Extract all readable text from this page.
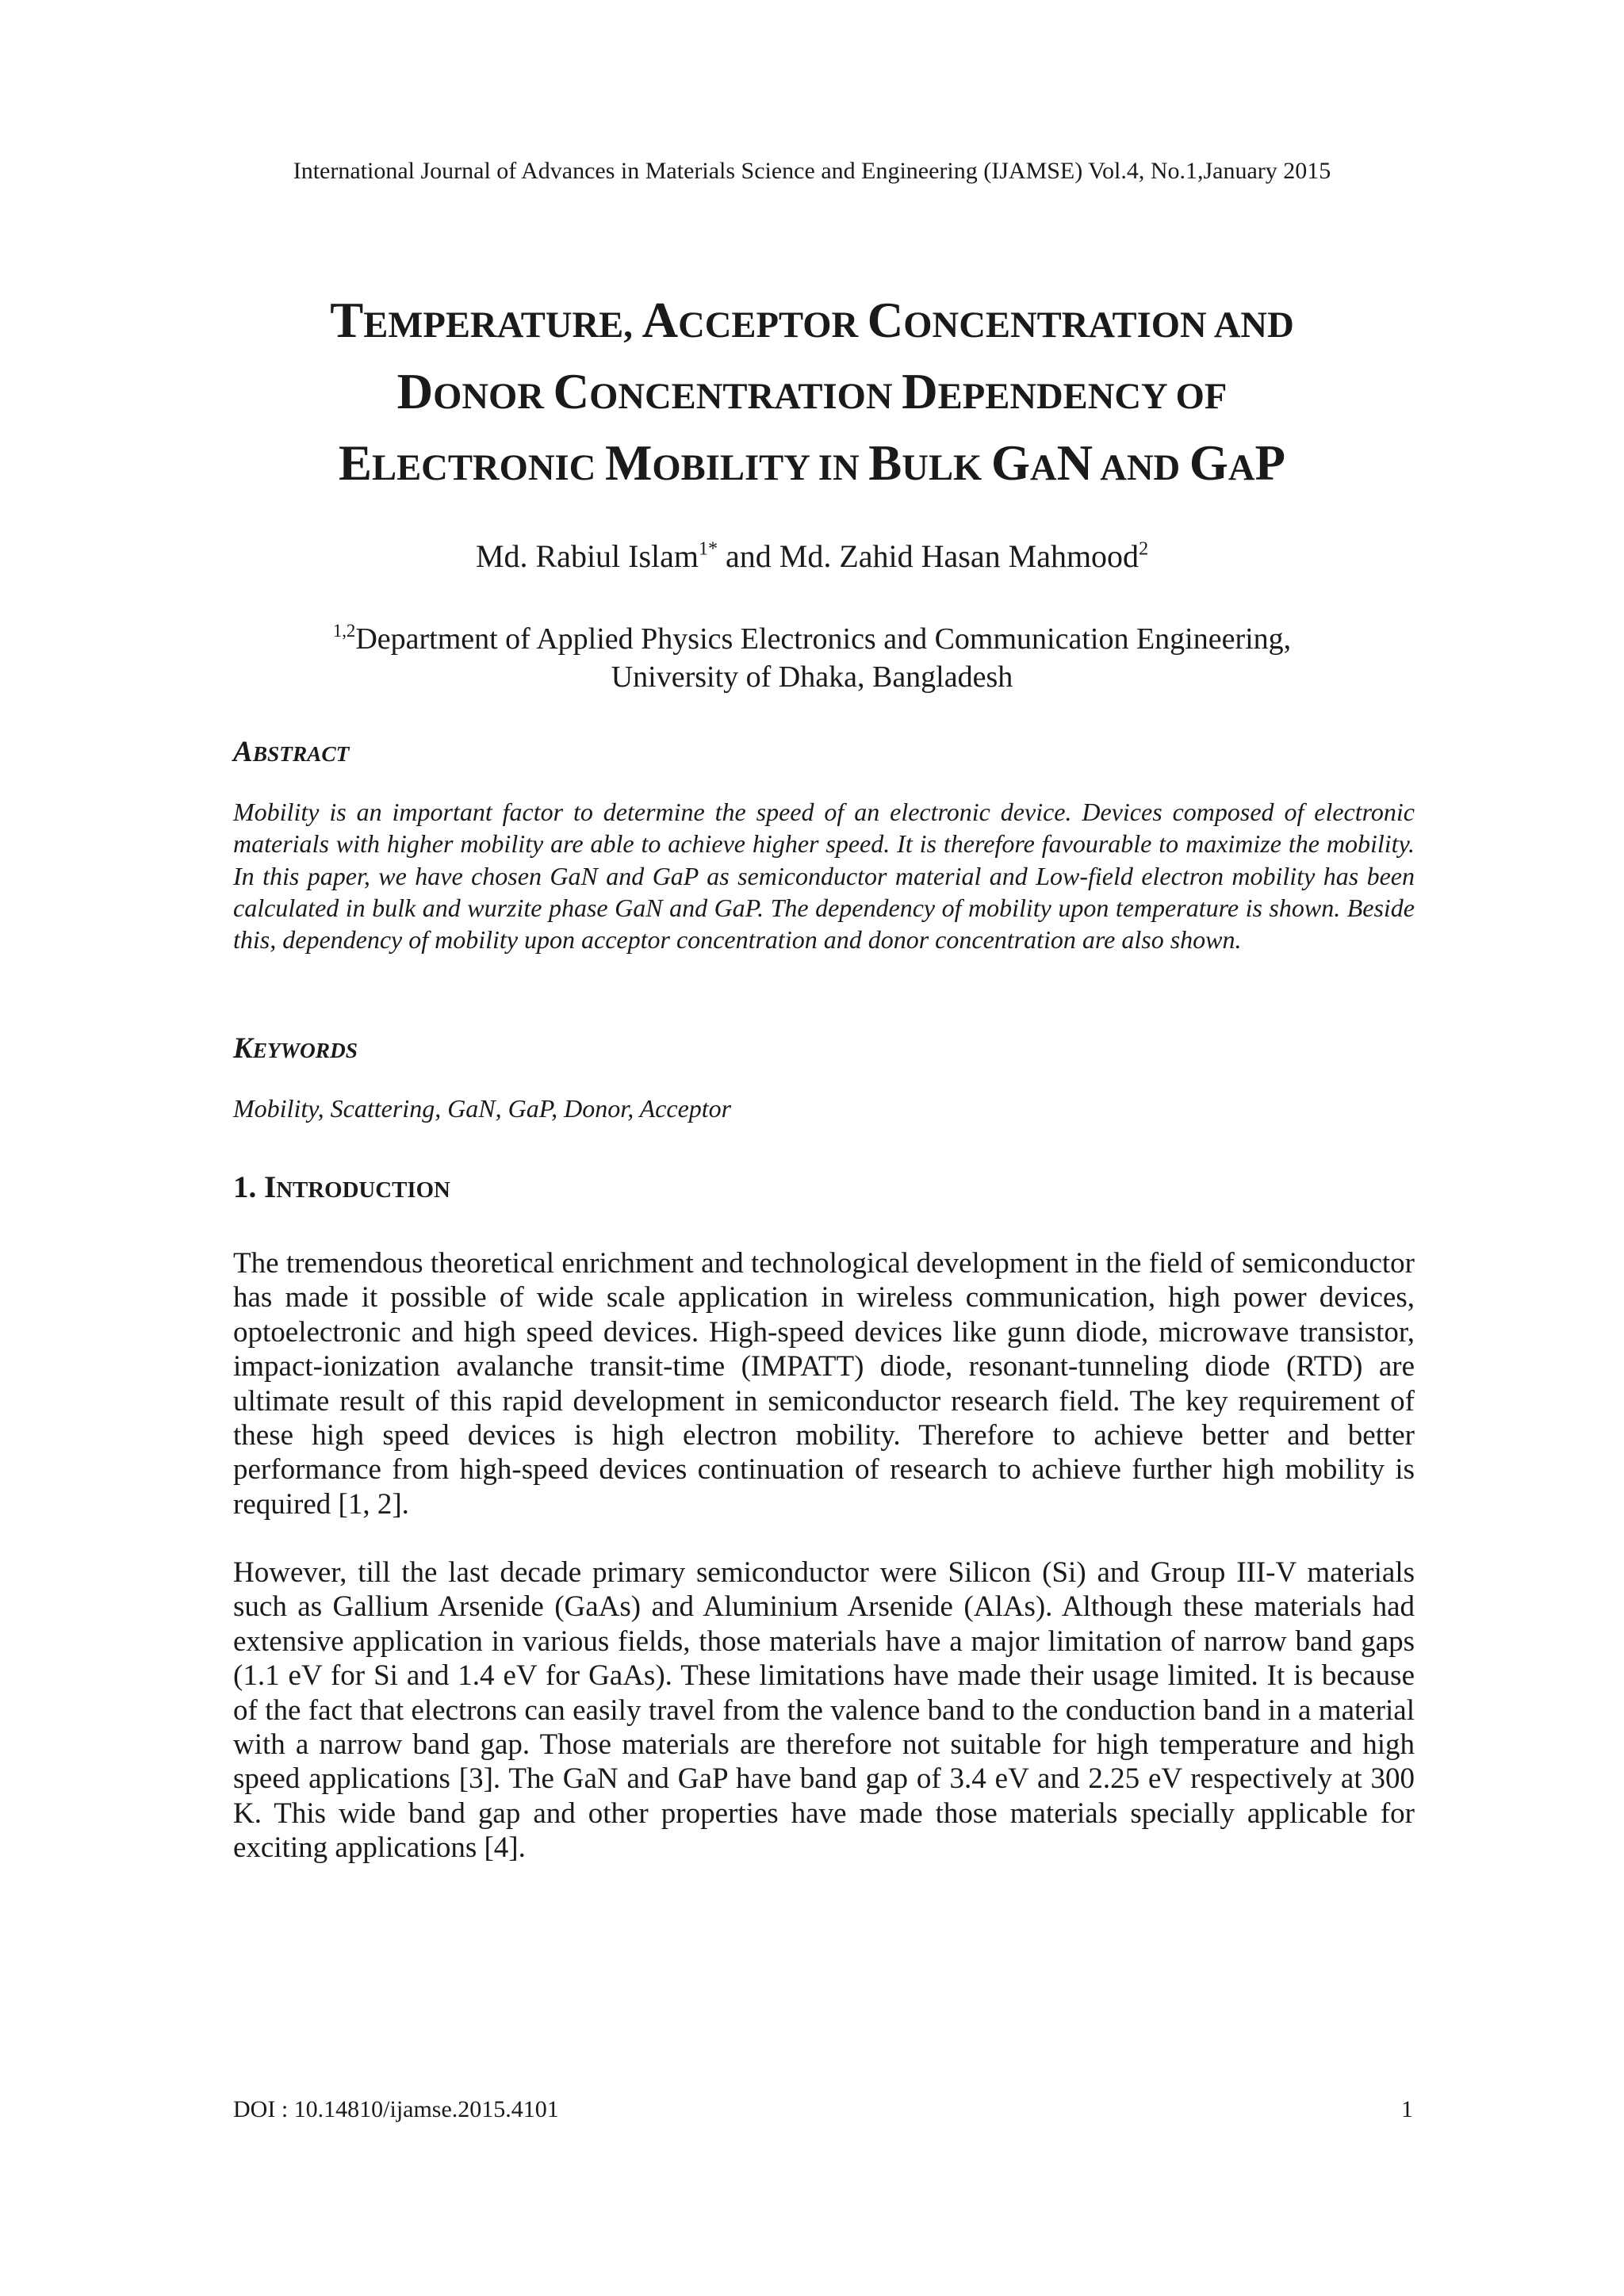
International Journal of Advances in Materials Science and Engineering (IJAMSE) Vol.4, No.1,January 2015
TEMPERATURE, ACCEPTOR CONCENTRATION AND
DONOR CONCENTRATION DEPENDENCY OF
ELECTRONIC MOBILITY IN BULK GAN AND GAP
Md. Rabiul Islam$^{1*}$ and Md. Zahid Hasan Mahmood$^2$
$^{1,2}$Department of Applied Physics Electronics and Communication Engineering,
University of Dhaka, Bangladesh
ABSTRACT
Mobility is an important factor to determine the speed of an electronic device. Devices composed of electronic materials with higher mobility are able to achieve higher speed. It is therefore favourable to maximize the mobility. In this paper, we have chosen GaN and GaP as semiconductor material and Low-field electron mobility has been calculated in bulk and wurzite phase GaN and GaP. The dependency of mobility upon temperature is shown. Beside this, dependency of mobility upon acceptor concentration and donor concentration are also shown.
KEYWORDS
Mobility, Scattering, GaN, GaP, Donor, Acceptor
1. INTRODUCTION
The tremendous theoretical enrichment and technological development in the field of semiconductor has made it possible of wide scale application in wireless communication, high power devices, optoelectronic and high speed devices. High-speed devices like gunn diode, microwave transistor, impact-ionization avalanche transit-time (IMPATT) diode, resonant-tunneling diode (RTD) are ultimate result of this rapid development in semiconductor research field. The key requirement of these high speed devices is high electron mobility. Therefore to achieve better and better performance from high-speed devices continuation of research to achieve further high mobility is required [1, 2].
However, till the last decade primary semiconductor were Silicon (Si) and Group III-V materials such as Gallium Arsenide (GaAs) and Aluminium Arsenide (AlAs). Although these materials had extensive application in various fields, those materials have a major limitation of narrow band gaps (1.1 eV for Si and 1.4 eV for GaAs). These limitations have made their usage limited. It is because of the fact that electrons can easily travel from the valence band to the conduction band in a material with a narrow band gap. Those materials are therefore not suitable for high temperature and high speed applications [3]. The GaN and GaP have band gap of 3.4 eV and 2.25 eV respectively at 300 K. This wide band gap and other properties have made those materials specially applicable for exciting applications [4].
DOI : 10.14810/ijamse.2015.4101	1
